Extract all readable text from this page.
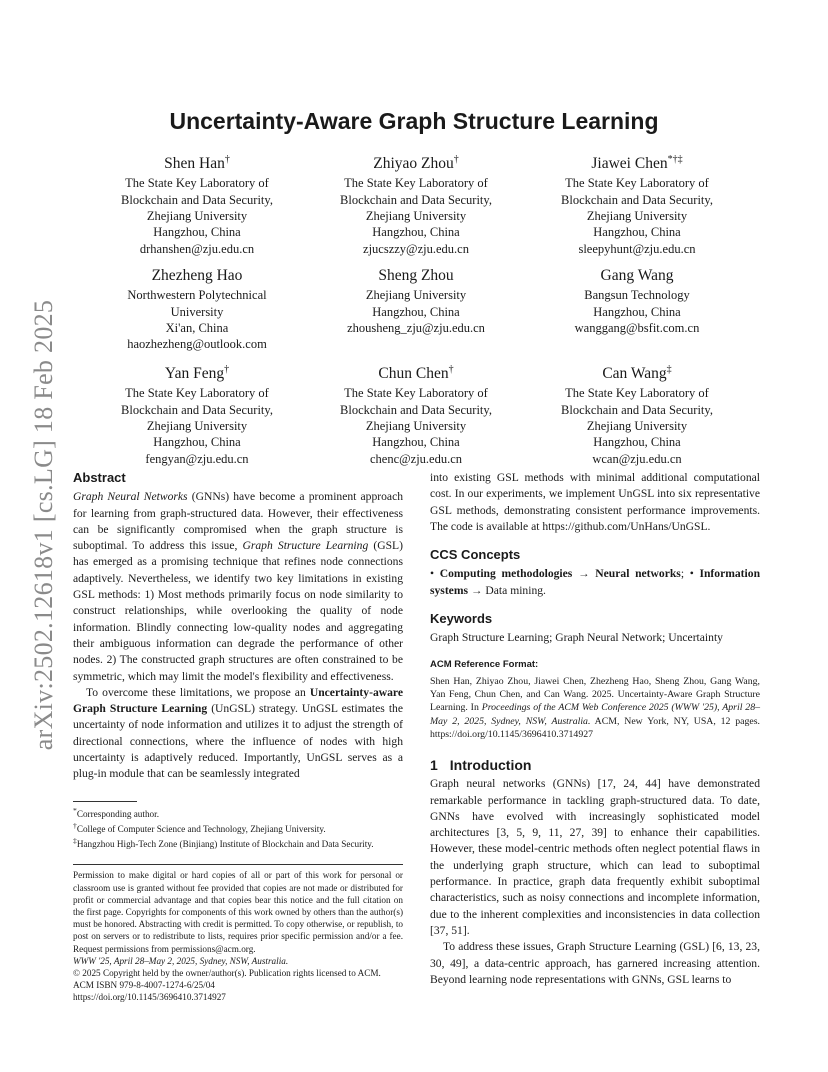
arXiv:2502.12618v1 [cs.LG] 18 Feb 2025
Uncertainty-Aware Graph Structure Learning
Shen Han†
The State Key Laboratory of
Blockchain and Data Security,
Zhejiang University
Hangzhou, China
drhanshen@zju.edu.cn
Zhiyao Zhou†
The State Key Laboratory of
Blockchain and Data Security,
Zhejiang University
Hangzhou, China
zjucszzy@zju.edu.cn
Jiawei Chen*†‡
The State Key Laboratory of
Blockchain and Data Security,
Zhejiang University
Hangzhou, China
sleepyhunt@zju.edu.cn
Zhezheng Hao
Northwestern Polytechnical
University
Xi'an, China
haozhezheng@outlook.com
Sheng Zhou
Zhejiang University
Hangzhou, China
zhousheng_zju@zju.edu.cn
Gang Wang
Bangsun Technology
Hangzhou, China
wanggang@bsfit.com.cn
Yan Feng†
The State Key Laboratory of
Blockchain and Data Security,
Zhejiang University
Hangzhou, China
fengyan@zju.edu.cn
Chun Chen†
The State Key Laboratory of
Blockchain and Data Security,
Zhejiang University
Hangzhou, China
chenc@zju.edu.cn
Can Wang‡
The State Key Laboratory of
Blockchain and Data Security,
Zhejiang University
Hangzhou, China
wcan@zju.edu.cn
Abstract

Graph Neural Networks (GNNs) have become a prominent approach for learning from graph-structured data. However, their effectiveness can be significantly compromised when the graph structure is suboptimal. To address this issue, Graph Structure Learning (GSL) has emerged as a promising technique that refines node connections adaptively. Nevertheless, we identify two key limitations in existing GSL methods: 1) Most methods primarily focus on node similarity to construct relationships, while overlooking the quality of node information. Blindly connecting low-quality nodes and aggregating their ambiguous information can degrade the performance of other nodes. 2) The constructed graph structures are often constrained to be symmetric, which may limit the model's flexibility and effectiveness.

To overcome these limitations, we propose an Uncertainty-aware Graph Structure Learning (UnGSL) strategy. UnGSL estimates the uncertainty of node information and utilizes it to adjust the strength of directional connections, where the influence of nodes with high uncertainty is adaptively reduced. Importantly, UnGSL serves as a plug-in module that can be seamlessly integrated

*Corresponding author.
†College of Computer Science and Technology, Zhejiang University.
‡Hangzhou High-Tech Zone (Binjiang) Institute of Blockchain and Data Security.

Permission to make digital or hard copies of all or part of this work for personal or classroom use is granted without fee provided that copies are not made or distributed for profit or commercial advantage and that copies bear this notice and the full citation on the first page. Copyrights for components of this work owned by others than the author(s) must be honored. Abstracting with credit is permitted. To copy otherwise, or republish, to post on servers or to redistribute to lists, requires prior specific permission and/or a fee. Request permissions from permissions@acm.org.

WWW '25, April 28–May 2, 2025, Sydney, NSW, Australia.

© 2025 Copyright held by the owner/author(s). Publication rights licensed to ACM.

ACM ISBN 979-8-4007-1274-6/25/04

https://doi.org/10.1145/3696410.3714927

into existing GSL methods with minimal additional computational cost. In our experiments, we implement UnGSL into six representative GSL methods, demonstrating consistent performance improvements. The code is available at https://github.com/UnHans/UnGSL.

CCS Concepts

• Computing methodologies → Neural networks; • Information systems → Data mining.

Keywords

Graph Structure Learning; Graph Neural Network; Uncertainty

ACM Reference Format:

Shen Han, Zhiyao Zhou, Jiawei Chen, Zhezheng Hao, Sheng Zhou, Gang Wang, Yan Feng, Chun Chen, and Can Wang. 2025. Uncertainty-Aware Graph Structure Learning. In Proceedings of the ACM Web Conference 2025 (WWW '25), April 28–May 2, 2025, Sydney, NSW, Australia. ACM, New York, NY, USA, 12 pages. https://doi.org/10.1145/3696410.3714927

1 Introduction

Graph neural networks (GNNs) [17, 24, 44] have demonstrated remarkable performance in tackling graph-structured data. To date, GNNs have evolved with increasingly sophisticated model architectures [3, 5, 9, 11, 27, 39] to enhance their capabilities. However, these model-centric methods often neglect potential flaws in the underlying graph structure, which can lead to suboptimal performance. In practice, graph data frequently exhibit suboptimal characteristics, such as noisy connections and incomplete information, due to the inherent complexities and inconsistencies in data collection [37, 51].

To address these issues, Graph Structure Learning (GSL) [6, 13, 23, 30, 49], a data-centric approach, has garnered increasing attention. Beyond learning node representations with GNNs, GSL learns to
